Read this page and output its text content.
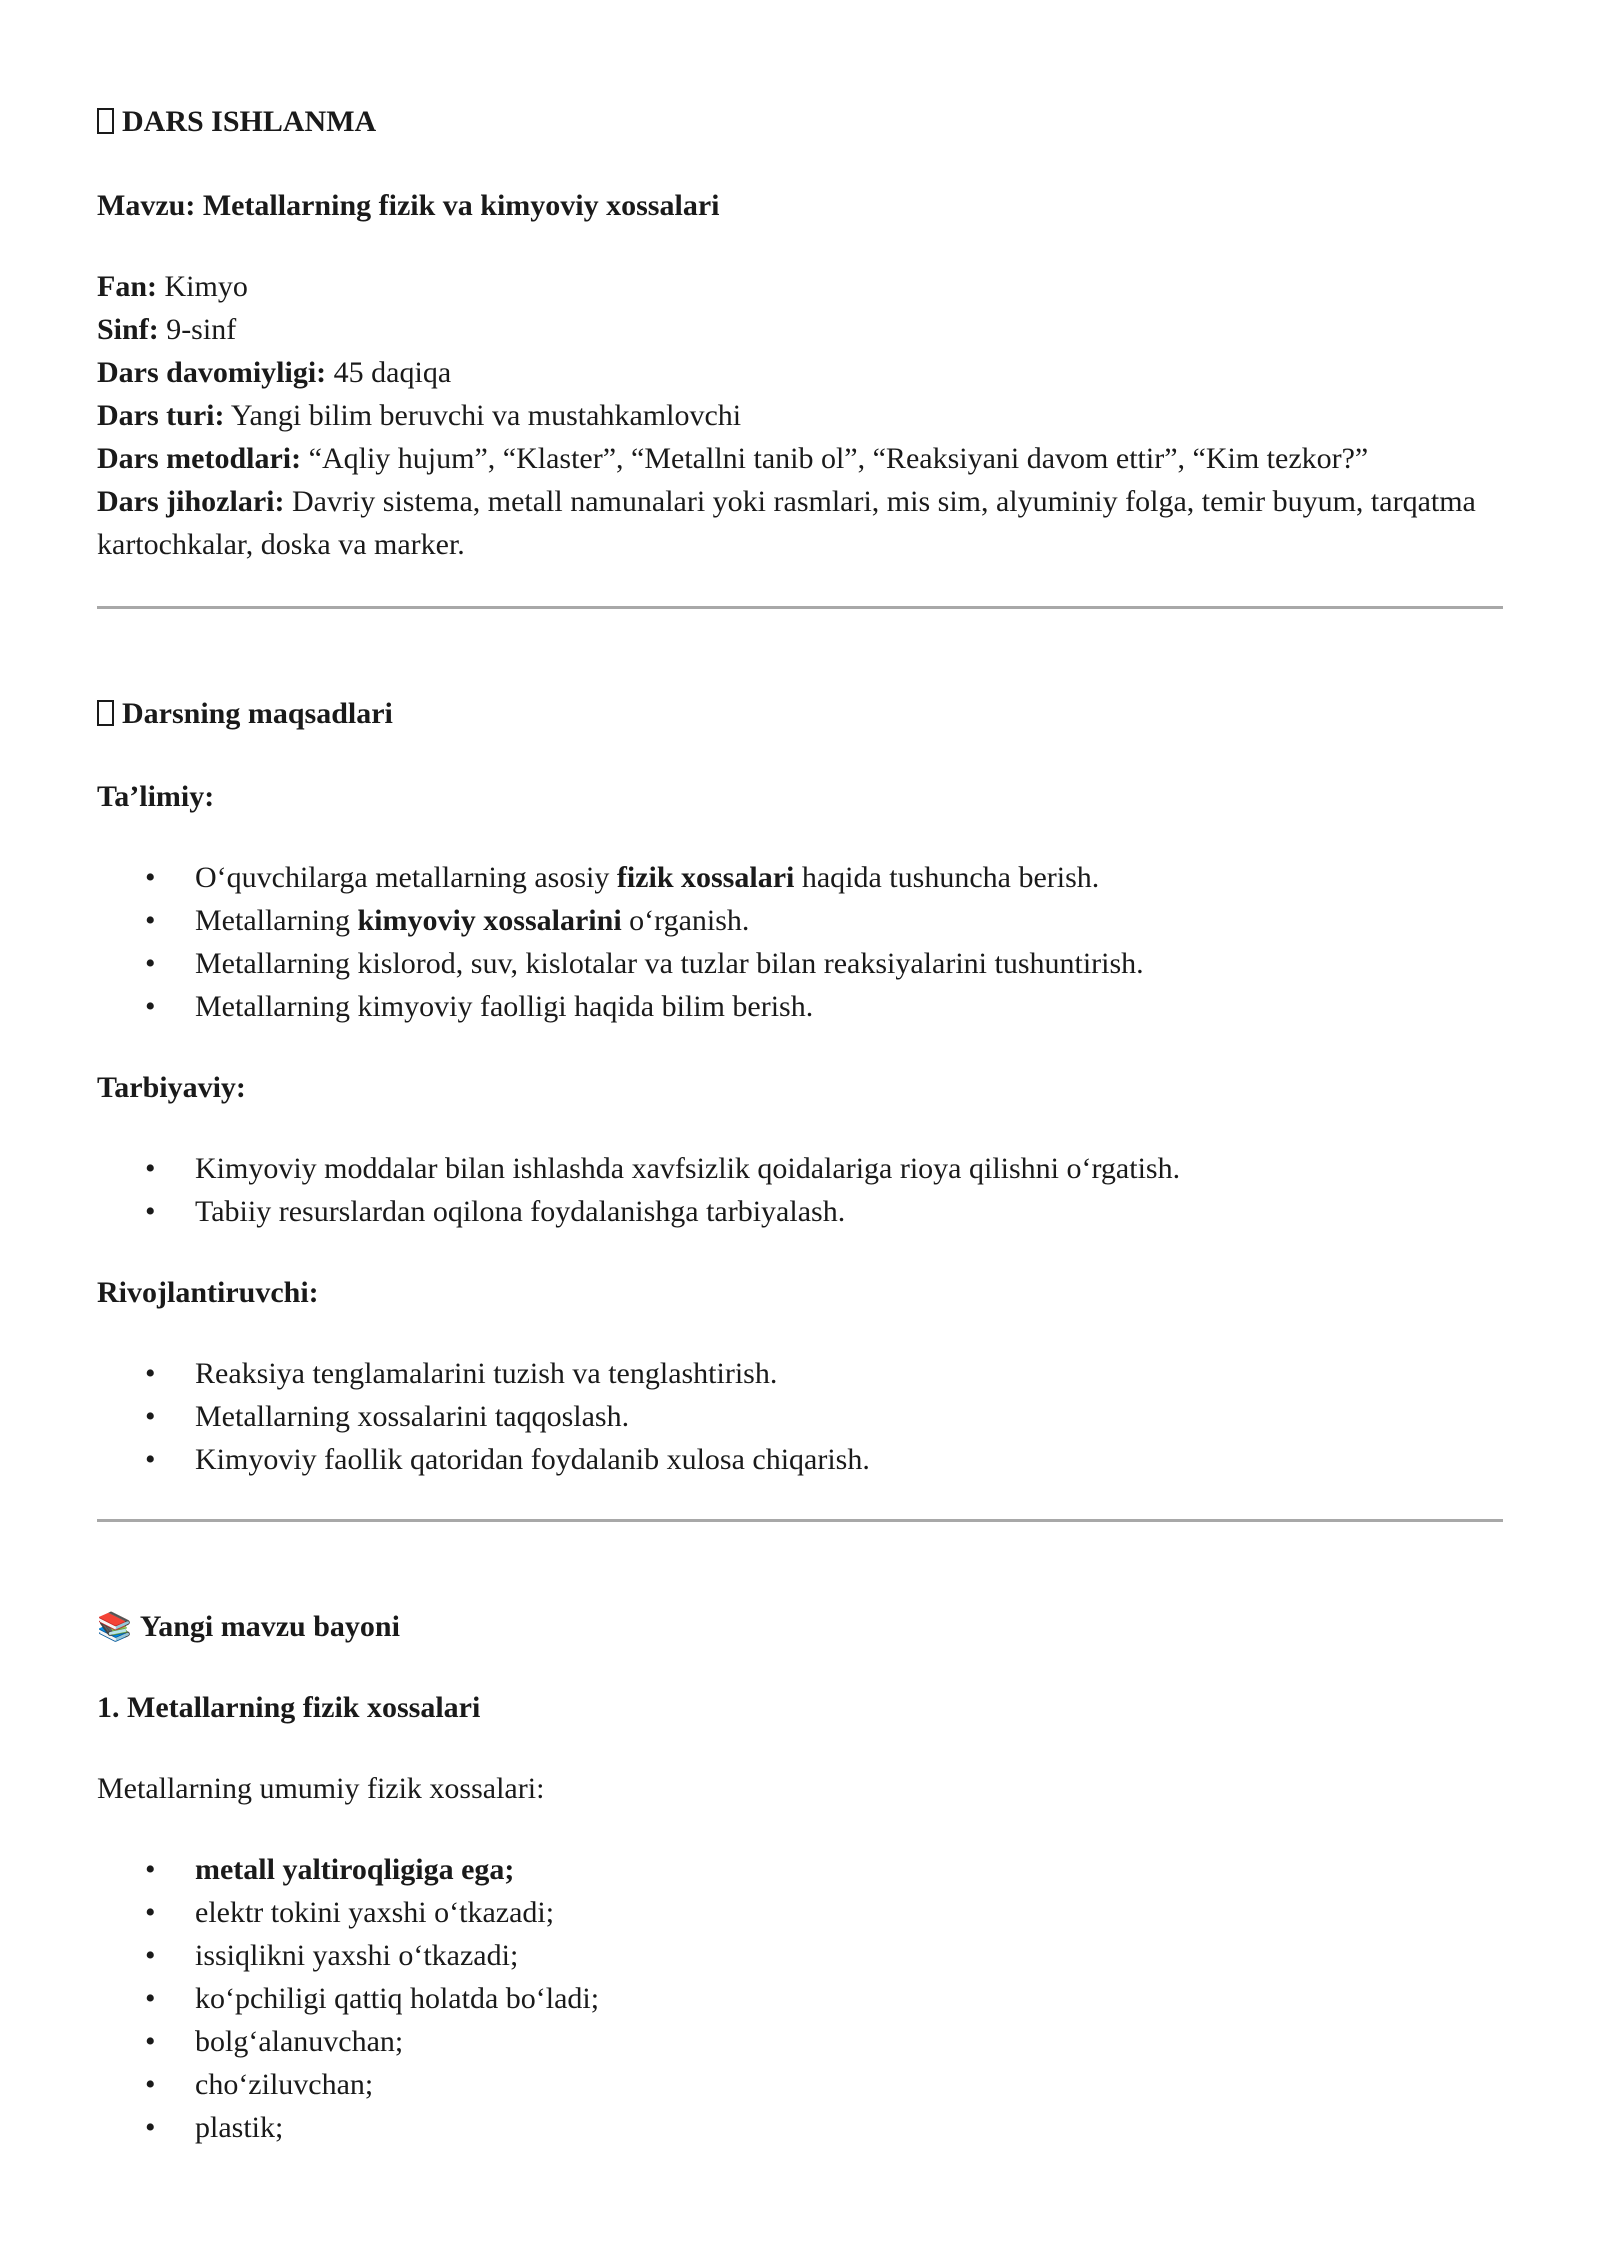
DARS ISHLANMA
Mavzu: Metallarning fizik va kimyoviy xossalari

Fan: Kimyo

Sinf: 9-sinf

Dars davomiyligi: 45 daqiqa

Dars turi: Yangi bilim beruvchi va mustahkamlovchi

Dars metodlari: “Aqliy hujum”, “Klaster”, “Metallni tanib ol”, “Reaksiyani davom ettir”, “Kim tezkor?”

Dars jihozlari: Davriy sistema, metall namunalari yoki rasmlari, mis sim, alyuminiy folga, temir buyum, tarqatma kartochkalar, doska va marker.

Darsning maqsadlari
Ta’limiy:
• O‘quvchilarga metallarning asosiy fizik xossalari haqida tushuncha berish.
• Metallarning kimyoviy xossalarini o‘rganish.
• Metallarning kislorod, suv, kislotalar va tuzlar bilan reaksiyalarini tushuntirish.
• Metallarning kimyoviy faolligi haqida bilim berish.
Tarbiyaviy:
• Kimyoviy moddalar bilan ishlashda xavfsizlik qoidalariga rioya qilishni o‘rgatish.
• Tabiiy resurslardan oqilona foydalanishga tarbiyalash.
Rivojlantiruvchi:
• Reaksiya tenglamalarini tuzish va tenglashtirish.
• Metallarning xossalarini taqqoslash.
• Kimyoviy faollik qatoridan foydalanib xulosa chiqarish.
📚 Yangi mavzu bayoni
1. Metallarning fizik xossalari

Metallarning umumiy fizik xossalari:

• metall yaltiroqligiga ega;
• elektr tokini yaxshi o‘tkazadi;
• issiqlikni yaxshi o‘tkazadi;
• ko‘pchiligi qattiq holatda bo‘ladi;
• bolg‘alanuvchan;
• cho‘ziluvchan;
• plastik;
